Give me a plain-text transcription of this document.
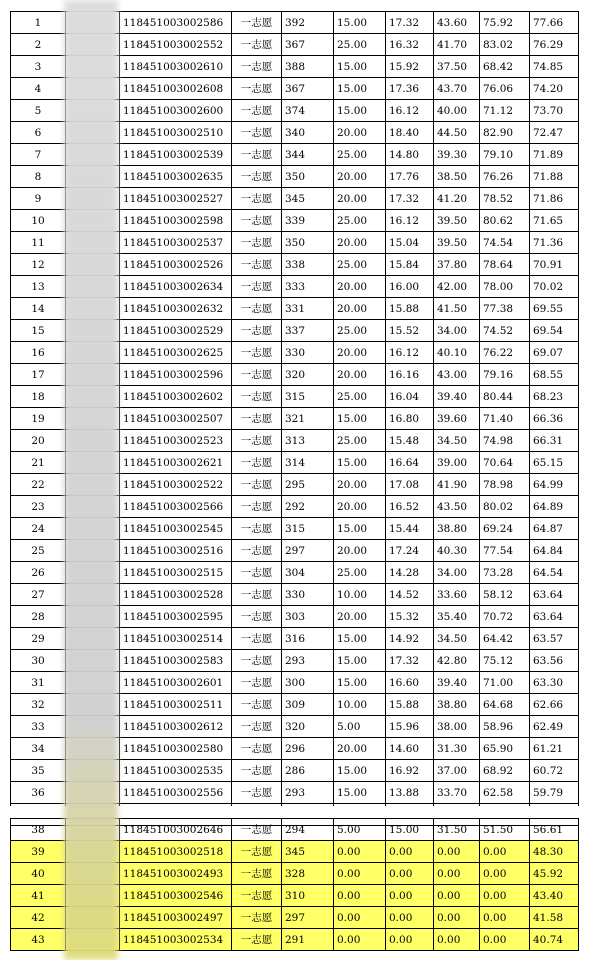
1		118451003002586	一志愿	392	15.00	17.32	43.60	75.92	77.66
2		118451003002552	一志愿	367	25.00	16.32	41.70	83.02	76.29
3		118451003002610	一志愿	388	15.00	15.92	37.50	68.42	74.85
4		118451003002608	一志愿	367	15.00	17.36	43.70	76.06	74.20
5		118451003002600	一志愿	374	15.00	16.12	40.00	71.12	73.70
6		118451003002510	一志愿	340	20.00	18.40	44.50	82.90	72.47
7		118451003002539	一志愿	344	25.00	14.80	39.30	79.10	71.89
8		118451003002635	一志愿	350	20.00	17.76	38.50	76.26	71.88
9		118451003002527	一志愿	345	20.00	17.32	41.20	78.52	71.86
10		118451003002598	一志愿	339	25.00	16.12	39.50	80.62	71.65
11		118451003002537	一志愿	350	20.00	15.04	39.50	74.54	71.36
12		118451003002526	一志愿	338	25.00	15.84	37.80	78.64	70.91
13		118451003002634	一志愿	333	20.00	16.00	42.00	78.00	70.02
14		118451003002632	一志愿	331	20.00	15.88	41.50	77.38	69.55
15		118451003002529	一志愿	337	25.00	15.52	34.00	74.52	69.54
16		118451003002625	一志愿	330	20.00	16.12	40.10	76.22	69.07
17		118451003002596	一志愿	320	20.00	16.16	43.00	79.16	68.55
18		118451003002602	一志愿	315	25.00	16.04	39.40	80.44	68.23
19		118451003002507	一志愿	321	15.00	16.80	39.60	71.40	66.36
20		118451003002523	一志愿	313	25.00	15.48	34.50	74.98	66.31
21		118451003002621	一志愿	314	15.00	16.64	39.00	70.64	65.15
22		118451003002522	一志愿	295	20.00	17.08	41.90	78.98	64.99
23		118451003002566	一志愿	292	20.00	16.52	43.50	80.02	64.89
24		118451003002545	一志愿	315	15.00	15.44	38.80	69.24	64.87
25		118451003002516	一志愿	297	20.00	17.24	40.30	77.54	64.84
26		118451003002515	一志愿	304	25.00	14.28	34.00	73.28	64.54
27		118451003002528	一志愿	330	10.00	14.52	33.60	58.12	63.64
28		118451003002595	一志愿	303	20.00	15.32	35.40	70.72	63.64
29		118451003002514	一志愿	316	15.00	14.92	34.50	64.42	63.57
30		118451003002583	一志愿	293	15.00	17.32	42.80	75.12	63.56
31		118451003002601	一志愿	300	15.00	16.60	39.40	71.00	63.30
32		118451003002511	一志愿	309	10.00	15.88	38.80	64.68	62.66
33		118451003002612	一志愿	320	5.00	15.96	38.00	58.96	62.49
34		118451003002580	一志愿	296	20.00	14.60	31.30	65.90	61.21
35		118451003002535	一志愿	286	15.00	16.92	37.00	68.92	60.72
36		118451003002556	一志愿	293	15.00	13.88	33.70	62.58	59.79

38		118451003002646	一志愿	294	5.00	15.00	31.50	51.50	56.61
39		118451003002518	一志愿	345	0.00	0.00	0.00	0.00	48.30
40		118451003002493	一志愿	328	0.00	0.00	0.00	0.00	45.92
41		118451003002546	一志愿	310	0.00	0.00	0.00	0.00	43.40
42		118451003002497	一志愿	297	0.00	0.00	0.00	0.00	41.58
43		118451003002534	一志愿	291	0.00	0.00	0.00	0.00	40.74
